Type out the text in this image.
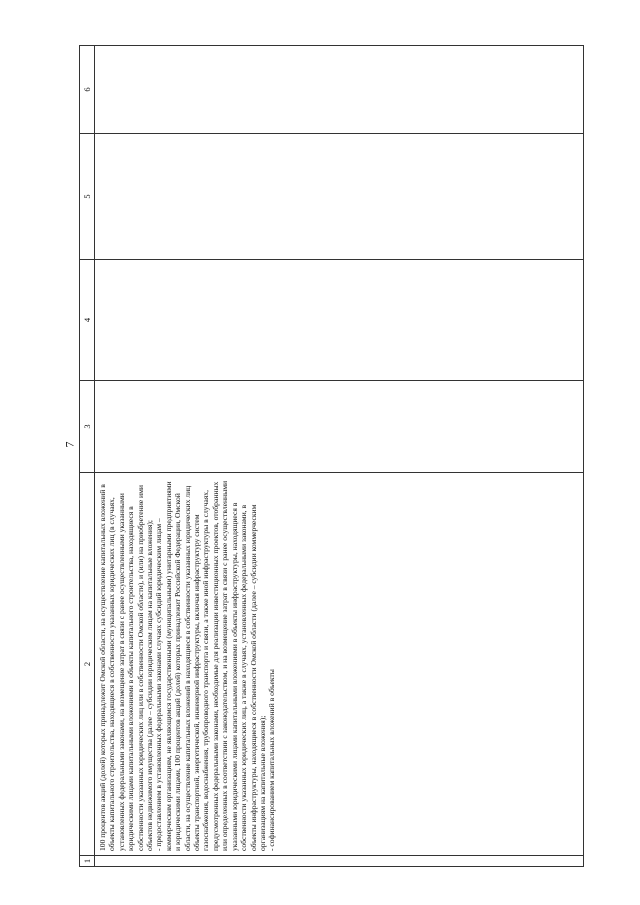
7
1	2	3	4	5	6

	100 процентов акций (долей) которых принадлежит Омской области, на осуществление капитальных вложений в объекты капитального строительства, находящиеся в собственности указанных юридических лиц (в случаях, установленных федеральными законами, на возмещение затрат в связи с ранее осуществленными указанными юридическими лицами капитальными вложениями в объекты капитального строительства, находящиеся в собственности указанных юридических лиц или в собственности Омской области), и (или) на приобретение ими объектов недвижимого имущества (далее – субсидии юридическим лицам на капитальные вложения);
- предоставлением в установленных федеральными законами случаях субсидий юридическим лицам – коммерческим организациям, не являющимся государственными (муниципальными) унитарными предприятиями и юридическими лицами, 100 процентов акций (долей) которых принадлежит Российской Федерации, Омской области, на осуществление капитальных вложений в находящиеся в собственности указанных юридических лиц объекты транспортной, энергетической, инженерной инфраструктуры, включая инфраструктуру систем газоснабжения, водоснабжения, трубопроводного транспорта и связи, а также иной инфраструктуры в случаях, предусмотренных федеральными законами, необходимые для реализации инвестиционных проектов, отобранных или определенных в соответствии с законодательством, и на возмещение затрат в связи с ранее осуществленными указанными юридическими лицами капитальными вложениями в объекты инфраструктуры, находящиеся в собственности указанных юридических лиц, а также в случаях, установленных федеральными законами, в объекты инфраструктуры, находящиеся в собственности Омской области (далее – субсидии коммерческим организациям на капитальные вложения);
- софинансированием капитальных вложений в объекты				
